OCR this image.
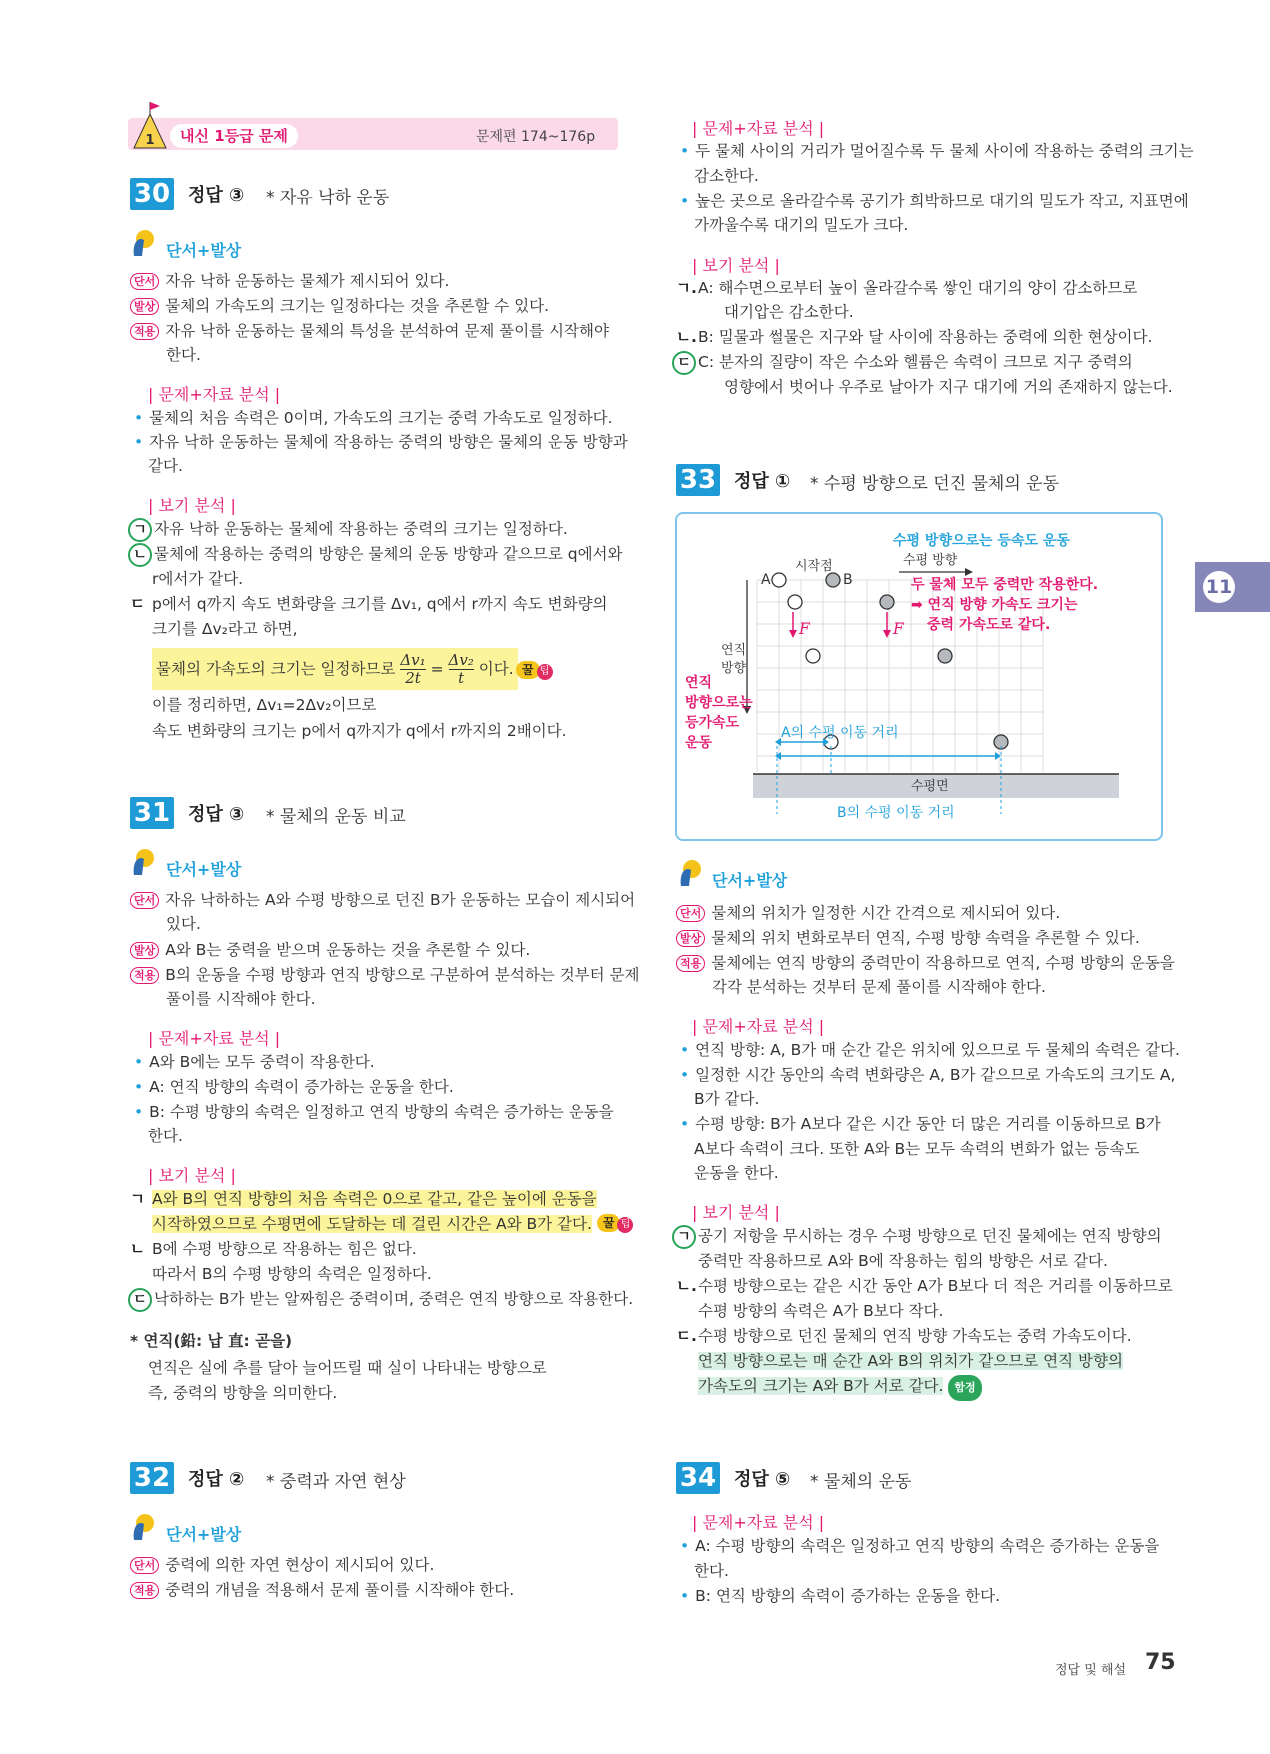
1	내신 1등급 문제	문제편 174~176p
11
30 정답 ③ * 자유 낙하 운동
단서+발상
단서 자유 낙하 운동하는 물체가 제시되어 있다.
발상 물체의 가속도의 크기는 일정하다는 것을 추론할 수 있다.
적용 자유 낙하 운동하는 물체의 특성을 분석하여 문제 풀이를 시작해야
한다.
| 문제+자료 분석 |
• 물체의 처음 속력은 0이며, 가속도의 크기는 중력 가속도로 일정하다.
• 자유 낙하 운동하는 물체에 작용하는 중력의 방향은 물체의 운동 방향과
같다.
| 보기 분석 |
ㄱ 자유 낙하 운동하는 물체에 작용하는 중력의 크기는 일정하다.
ㄴ 물체에 작용하는 중력의 방향은 물체의 운동 방향과 같으므로 q에서와
r에서가 같다.
ㄷ p에서 q까지 속도 변화량을 크기를 Δv₁, q에서 r까지 속도 변화량의
크기를 Δv₂라고 하면,
물체의 가속도의 크기는 일정하므로 $\frac{\text{Δv₁}}{2t} = \frac{\text{Δv₂}}{t}$ 이다. 꿀 팁
이를 정리하면, Δv₁=2Δv₂이므로
속도 변화량의 크기는 p에서 q까지가 q에서 r까지의 2배이다.
31 정답 ③ * 물체의 운동 비교
단서+발상
단서 자유 낙하하는 A와 수평 방향으로 던진 B가 운동하는 모습이 제시되어
있다.
발상 A와 B는 중력을 받으며 운동하는 것을 추론할 수 있다.
적용 B의 운동을 수평 방향과 연직 방향으로 구분하여 분석하는 것부터 문제
풀이를 시작해야 한다.
| 문제+자료 분석 |
• A와 B에는 모두 중력이 작용한다.
• A: 연직 방향의 속력이 증가하는 운동을 한다.
• B: 수평 방향의 속력은 일정하고 연직 방향의 속력은 증가하는 운동을
한다.
| 보기 분석 |
ㄱ A와 B의 연직 방향의 처음 속력은 0으로 같고, 같은 높이에 운동을
시작하였으므로 수평면에 도달하는 데 걸린 시간은 A와 B가 같다. 꿀 팁
ㄴ B에 수평 방향으로 작용하는 힘은 없다.
따라서 B의 수평 방향의 속력은 일정하다.
ㄷ 낙하하는 B가 받는 알짜힘은 중력이며, 중력은 연직 방향으로 작용한다.
* 연직(鉛: 납 直: 곧을)
연직은 실에 추를 달아 늘어뜨릴 때 실이 나타내는 방향으로
즉, 중력의 방향을 의미한다.
32 정답 ② * 중력과 자연 현상
단서+발상
단서 중력에 의한 자연 현상이 제시되어 있다.
적용 중력의 개념을 적용해서 문제 풀이를 시작해야 한다.
| 문제+자료 분석 |
• 두 물체 사이의 거리가 멀어질수록 두 물체 사이에 작용하는 중력의 크기는
감소한다.
• 높은 곳으로 올라갈수록 공기가 희박하므로 대기의 밀도가 작고, 지표면에
가까울수록 대기의 밀도가 크다.
| 보기 분석 |
ㄱ.A: 해수면으로부터 높이 올라갈수록 쌓인 대기의 양이 감소하므로
대기압은 감소한다.
ㄴ.B: 밀물과 썰물은 지구와 달 사이에 작용하는 중력에 의한 현상이다.
ㄷ C: 분자의 질량이 작은 수소와 헬륨은 속력이 크므로 지구 중력의
영향에서 벗어나 우주로 날아가 지구 대기에 거의 존재하지 않는다.
33 정답 ① * 수평 방향으로 던진 물체의 운동
수평 방향으로는 등속도 운동
수평 방향
시작점
A	B	두 물체 모두 중력만 작용한다.
➡ 연직 방향 가속도 크기는
중력 가속도로 같다.
F	F
연직
방향
연직
방향으로는
등가속도
운동
A의 수평 이동 거리
수평면
B의 수평 이동 거리
단서+발상
단서 물체의 위치가 일정한 시간 간격으로 제시되어 있다.
발상 물체의 위치 변화로부터 연직, 수평 방향 속력을 추론할 수 있다.
적용 물체에는 연직 방향의 중력만이 작용하므로 연직, 수평 방향의 운동을
각각 분석하는 것부터 문제 풀이를 시작해야 한다.
| 문제+자료 분석 |
• 연직 방향: A, B가 매 순간 같은 위치에 있으므로 두 물체의 속력은 같다.
• 일정한 시간 동안의 속력 변화량은 A, B가 같으므로 가속도의 크기도 A,
B가 같다.
• 수평 방향: B가 A보다 같은 시간 동안 더 많은 거리를 이동하므로 B가
A보다 속력이 크다. 또한 A와 B는 모두 속력의 변화가 없는 등속도
운동을 한다.
| 보기 분석 |
ㄱ 공기 저항을 무시하는 경우 수평 방향으로 던진 물체에는 연직 방향의
중력만 작용하므로 A와 B에 작용하는 힘의 방향은 서로 같다.
ㄴ.수평 방향으로는 같은 시간 동안 A가 B보다 더 적은 거리를 이동하므로
수평 방향의 속력은 A가 B보다 작다.
ㄷ.수평 방향으로 던진 물체의 연직 방향 가속도는 중력 가속도이다.
연직 방향으로는 매 순간 A와 B의 위치가 같으므로 연직 방향의
가속도의 크기는 A와 B가 서로 같다. 함정
34 정답 ⑤ * 물체의 운동
| 문제+자료 분석 |
• A: 수평 방향의 속력은 일정하고 연직 방향의 속력은 증가하는 운동을
한다.
• B: 연직 방향의 속력이 증가하는 운동을 한다.
정답 및 해설 75
